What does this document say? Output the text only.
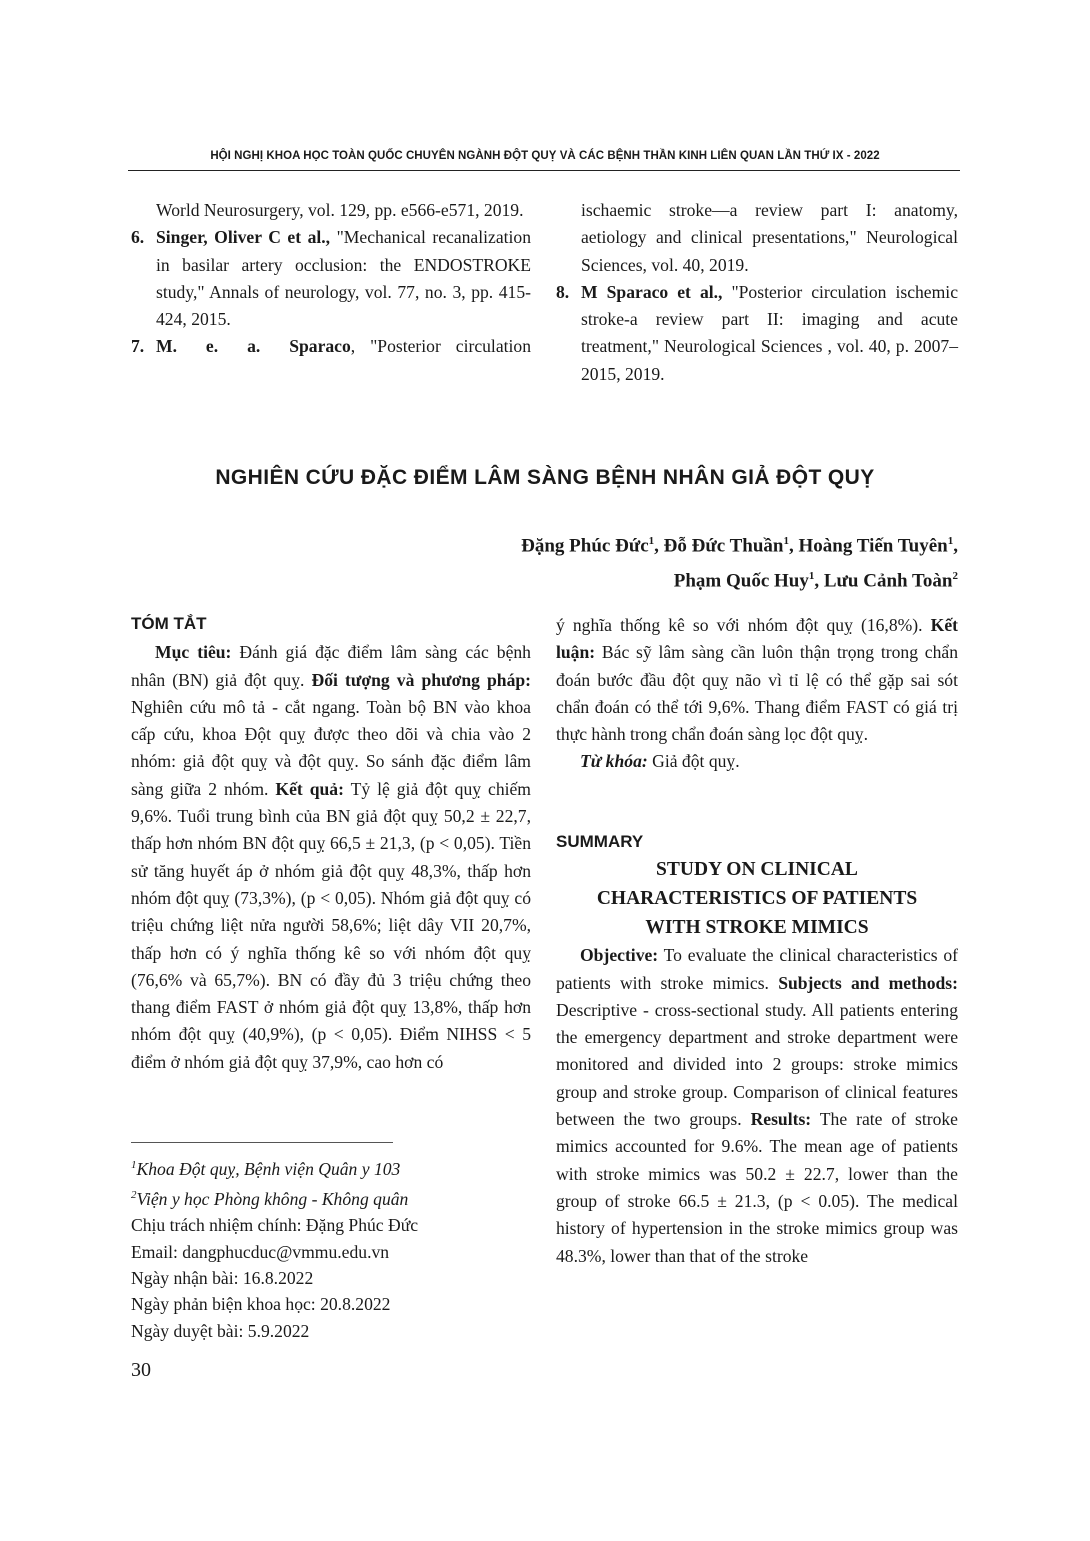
HỘI NGHỊ KHOA HỌC TOÀN QUỐC CHUYÊN NGÀNH ĐỘT QUỴ VÀ CÁC BỆNH THẦN KINH LIÊN QUAN LẦN THỨ IX - 2022
World Neurosurgery, vol. 129, pp. e566-e571, 2019.
6. Singer, Oliver C et al., "Mechanical recanalization in basilar artery occlusion: the ENDOSTROKE study," Annals of neurology, vol. 77, no. 3, pp. 415-424, 2015.
7. M. e. a. Sparaco, "Posterior circulation
ischaemic stroke—a review part I: anatomy, aetiology and clinical presentations," Neurological Sciences, vol. 40, 2019.
8. M Sparaco et al., "Posterior circulation ischemic stroke-a review part II: imaging and acute treatment," Neurological Sciences , vol. 40, p. 2007–2015, 2019.
NGHIÊN CỨU ĐẶC ĐIỂM LÂM SÀNG BỆNH NHÂN GIẢ ĐỘT QUỴ
Đặng Phúc Đức$^1$, Đỗ Đức Thuần$^1$, Hoàng Tiến Tuyên$^1$,
Phạm Quốc Huy$^1$, Lưu Cảnh Toàn$^2$
TÓM TẮT
Mục tiêu: Đánh giá đặc điểm lâm sàng các bệnh nhân (BN) giả đột quỵ. Đối tượng và phương pháp: Nghiên cứu mô tả - cắt ngang. Toàn bộ BN vào khoa cấp cứu, khoa Đột quỵ được theo dõi và chia vào 2 nhóm: giả đột quỵ và đột quỵ. So sánh đặc điểm lâm sàng giữa 2 nhóm. Kết quả: Tỷ lệ giả đột quỵ chiếm 9,6%. Tuổi trung bình của BN giả đột quỵ 50,2 ± 22,7, thấp hơn nhóm BN đột quỵ 66,5 ± 21,3, (p < 0,05). Tiền sử tăng huyết áp ở nhóm giả đột quỵ 48,3%, thấp hơn nhóm đột quỵ (73,3%), (p < 0,05). Nhóm giả đột quỵ có triệu chứng liệt nửa người 58,6%; liệt dây VII 20,7%, thấp hơn có ý nghĩa thống kê so với nhóm đột quỵ (76,6% và 65,7%). BN có đầy đủ 3 triệu chứng theo thang điểm FAST ở nhóm giả đột quỵ 13,8%, thấp hơn nhóm đột quỵ (40,9%), (p < 0,05). Điểm NIHSS < 5 điểm ở nhóm giả đột quỵ 37,9%, cao hơn có
$^1$Khoa Đột quỵ, Bệnh viện Quân y 103
$^2$Viện y học Phòng không - Không quân
Chịu trách nhiệm chính: Đặng Phúc Đức
Email: dangphucduc@vmmu.edu.vn
Ngày nhận bài: 16.8.2022
Ngày phản biện khoa học: 20.8.2022
Ngày duyệt bài: 5.9.2022
ý nghĩa thống kê so với nhóm đột quỵ (16,8%). Kết luận: Bác sỹ lâm sàng cần luôn thận trọng trong chẩn đoán bước đầu đột quỵ não vì tỉ lệ có thể gặp sai sót chẩn đoán có thể tới 9,6%. Thang điểm FAST có giá trị thực hành trong chẩn đoán sàng lọc đột quỵ.
Từ khóa: Giả đột quỵ.
SUMMARY
STUDY ON CLINICAL CHARACTERISTICS OF PATIENTS WITH STROKE MIMICS
Objective: To evaluate the clinical characteristics of patients with stroke mimics. Subjects and methods: Descriptive - cross-sectional study. All patients entering the emergency department and stroke department were monitored and divided into 2 groups: stroke mimics group and stroke group. Comparison of clinical features between the two groups. Results: The rate of stroke mimics accounted for 9.6%. The mean age of patients with stroke mimics was 50.2 ± 22.7, lower than the group of stroke 66.5 ± 21.3, (p < 0.05). The medical history of hypertension in the stroke mimics group was 48.3%, lower than that of the stroke
30
